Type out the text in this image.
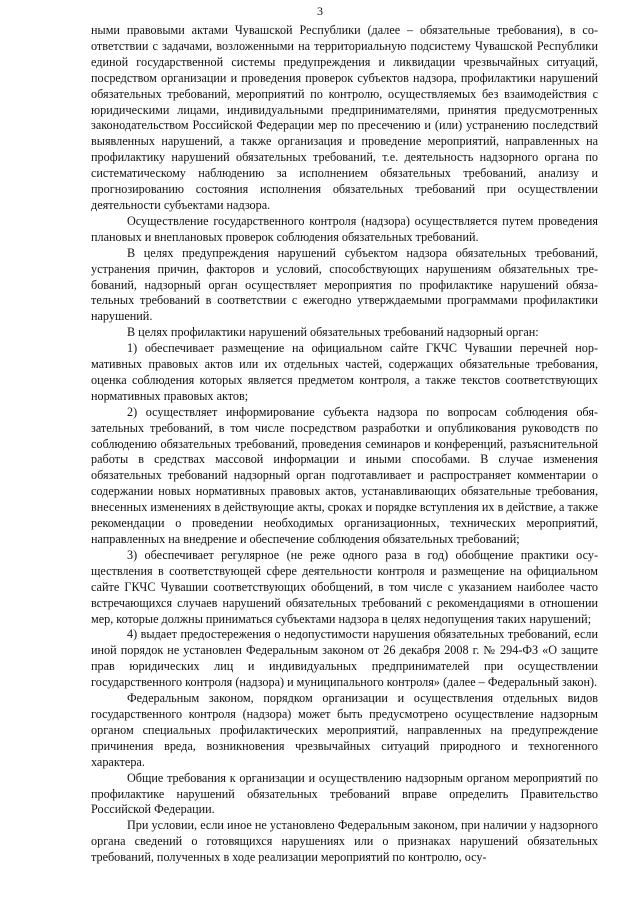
3

ными правовыми актами Чувашской Республики (далее – обязательные требования), в соответствии с задачами, возложенными на территориальную подсистему Чувашской Республики единой государственной системы предупреждения и ликвидации чрезвычайных ситуаций, посредством организации и проведения проверок субъектов надзора, профилактики нарушений обязательных требований, мероприятий по контролю, осуществляемых без взаимодействия с юридическими лицами, индивидуальными предпринимателями, принятия предусмотренных законодательством Российской Федерации мер по пресечению и (или) устранению последствий выявленных нарушений, а также организация и проведение мероприятий, направленных на профилактику нарушений обязательных требований, т.е. деятельность надзорного органа по систематическому наблюдению за исполнением обязательных требований, анализу и прогнозированию состояния исполнения обязательных требований при осуществлении деятельности субъектами надзора.

Осуществление государственного контроля (надзора) осуществляется путем проведения плановых и внеплановых проверок соблюдения обязательных требований.

В целях предупреждения нарушений субъектом надзора обязательных требований, устранения причин, факторов и условий, способствующих нарушениям обязательных требований, надзорный орган осуществляет мероприятия по профилактике нарушений обязательных требований в соответствии с ежегодно утверждаемыми программами профилактики нарушений.

В целях профилактики нарушений обязательных требований надзорный орган:

1) обеспечивает размещение на официальном сайте ГКЧС Чувашии перечней нормативных правовых актов или их отдельных частей, содержащих обязательные требования, оценка соблюдения которых является предметом контроля, а также текстов соответствующих нормативных правовых актов;

2) осуществляет информирование субъекта надзора по вопросам соблюдения обязательных требований, в том числе посредством разработки и опубликования руководств по соблюдению обязательных требований, проведения семинаров и конференций, разъяснительной работы в средствах массовой информации и иными способами. В случае изменения обязательных требований надзорный орган подготавливает и распространяет комментарии о содержании новых нормативных правовых актов, устанавливающих обязательные требования, внесенных изменениях в действующие акты, сроках и порядке вступления их в действие, а также рекомендации о проведении необходимых организационных, технических мероприятий, направленных на внедрение и обеспечение соблюдения обязательных требований;

3) обеспечивает регулярное (не реже одного раза в год) обобщение практики осуществления в соответствующей сфере деятельности контроля и размещение на официальном сайте ГКЧС Чувашии соответствующих обобщений, в том числе с указанием наиболее часто встречающихся случаев нарушений обязательных требований с рекомендациями в отношении мер, которые должны приниматься субъектами надзора в целях недопущения таких нарушений;

4) выдает предостережения о недопустимости нарушения обязательных требований, если иной порядок не установлен Федеральным законом от 26 декабря 2008 г. № 294-ФЗ «О защите прав юридических лиц и индивидуальных предпринимателей при осуществлении государственного контроля (надзора) и муниципального контроля» (далее – Федеральный закон).

Федеральным законом, порядком организации и осуществления отдельных видов государственного контроля (надзора) может быть предусмотрено осуществление надзорным органом специальных профилактических мероприятий, направленных на предупреждение причинения вреда, возникновения чрезвычайных ситуаций природного и техногенного характера.

Общие требования к организации и осуществлению надзорным органом мероприятий по профилактике нарушений обязательных требований вправе определить Правительство Российской Федерации.

При условии, если иное не установлено Федеральным законом, при наличии у надзорного органа сведений о готовящихся нарушениях или о признаках нарушений обязательных требований, полученных в ходе реализации мероприятий по контролю, осу-
